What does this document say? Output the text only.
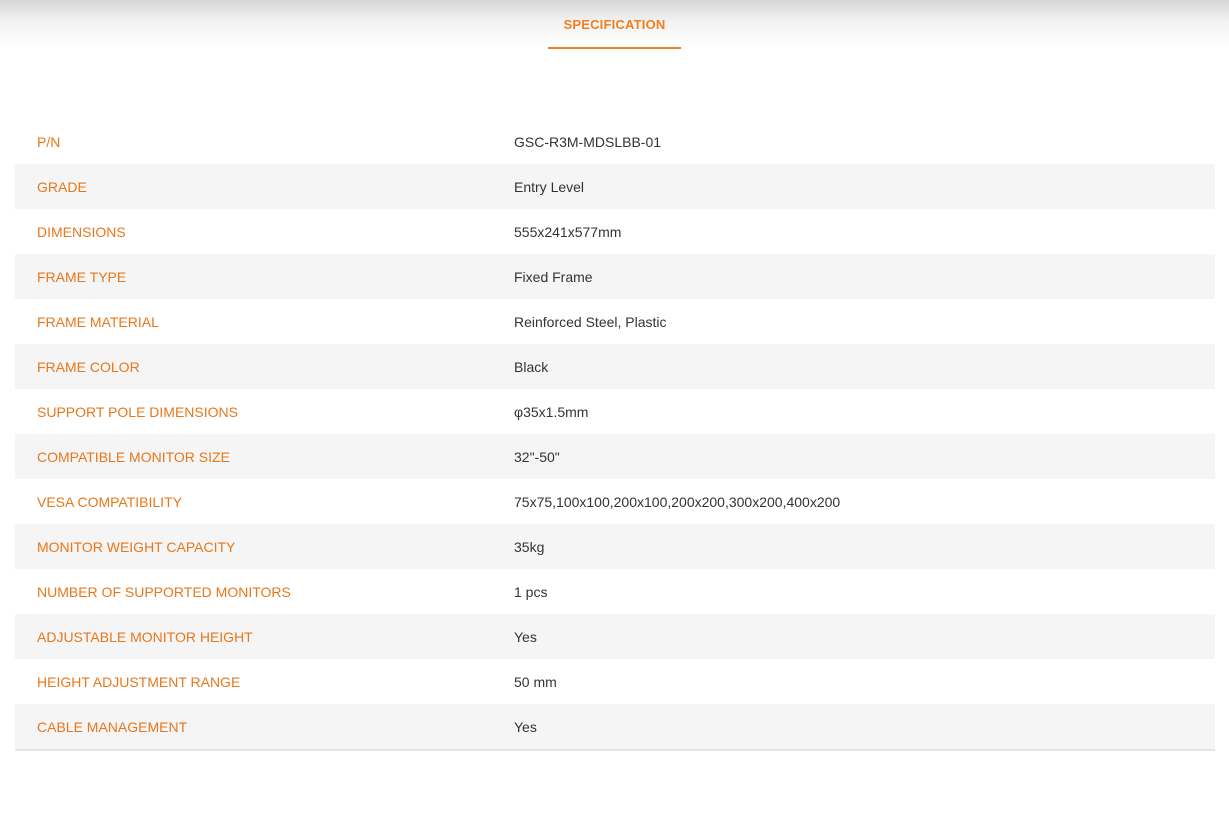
SPECIFICATION
P/N	GSC-R3M-MDSLBB-01
GRADE	Entry Level
DIMENSIONS	555x241x577mm
FRAME TYPE	Fixed Frame
FRAME MATERIAL	Reinforced Steel, Plastic
FRAME COLOR	Black
SUPPORT POLE DIMENSIONS	φ35x1.5mm
COMPATIBLE MONITOR SIZE	32"-50"
VESA COMPATIBILITY	75x75,100x100,200x100,200x200,300x200,400x200
MONITOR WEIGHT CAPACITY	35kg
NUMBER OF SUPPORTED MONITORS	1 pcs
ADJUSTABLE MONITOR HEIGHT	Yes
HEIGHT ADJUSTMENT RANGE	50 mm
CABLE MANAGEMENT	Yes
